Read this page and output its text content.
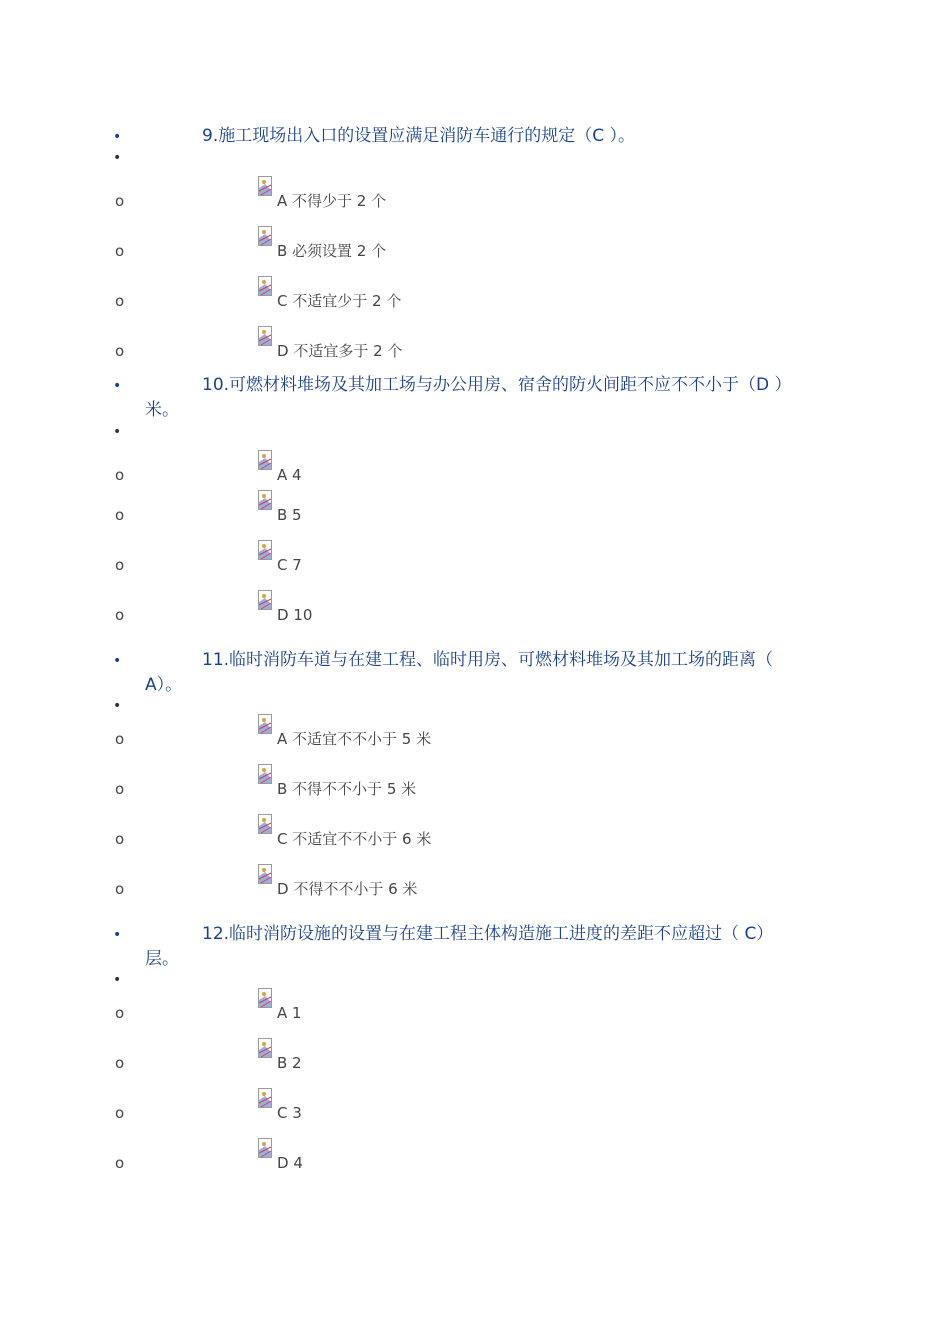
•	9.施工现场出入口的设置应满足消防车通行的规定（C ）。

•
o	A 不得少于 2 个
o	B 必须设置 2 个
o	C 不适宜少于 2 个
o	D 不适宜多于 2 个
•	10.可燃材料堆场及其加工场与办公用房、宿舍的防火间距不应不不小于（D ）米。

•
o	A 4
o	B 5
o	C 7
o	D 10
•	11.临时消防车道与在建工程、临时用房、可燃材料堆场及其加工场的距离（ A）。

•
o	A 不适宜不不小于 5 米
o	B 不得不不小于 5 米
o	C 不适宜不不小于 6 米
o	D 不得不不小于 6 米
•	12.临时消防设施的设置与在建工程主体构造施工进度的差距不应超过（ C）层。

•
o	A 1
o	B 2
o	C 3
o	D 4
